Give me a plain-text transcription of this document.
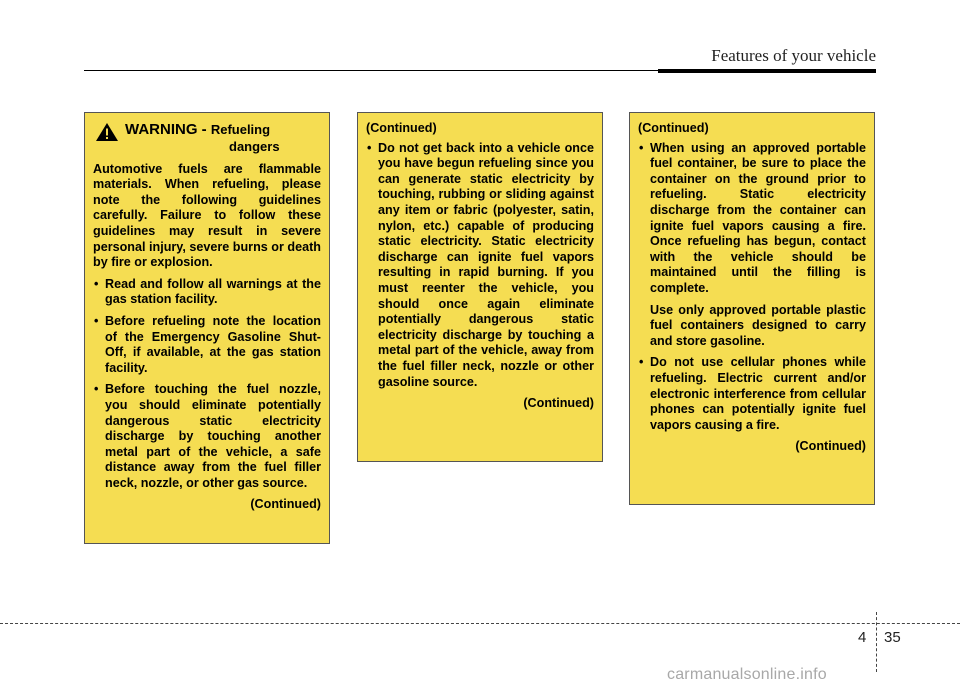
Features of your vehicle
WARNING - Refueling
dangers

Automotive fuels are flammable materials. When refueling, please note the following guidelines carefully. Failure to follow these guidelines may result in severe personal injury, severe burns or death by fire or explosion.

• Read and follow all warnings at the gas station facility.
• Before refueling note the location of the Emergency Gasoline Shut-Off, if available, at the gas station facility.
• Before touching the fuel nozzle, you should eliminate potentially dangerous static electricity discharge by touching another metal part of the vehicle, a safe distance away from the fuel filler neck, nozzle, or other gas source.
(Continued)
(Continued)
• Do not get back into a vehicle once you have begun refueling since you can generate static electricity by touching, rubbing or sliding against any item or fabric (polyester, satin, nylon, etc.) capable of producing static electricity. Static electricity discharge can ignite fuel vapors resulting in rapid burning. If you must reenter the vehicle, you should once again eliminate potentially dangerous static electricity discharge by touching a metal part of the vehicle, away from the fuel filler neck, nozzle or other gasoline source.
(Continued)
(Continued)
• When using an approved portable fuel container, be sure to place the container on the ground prior to refueling. Static electricity discharge from the container can ignite fuel vapors causing a fire. Once refueling has begun, contact with the vehicle should be maintained until the filling is complete.
Use only approved portable plastic fuel containers designed to carry and store gasoline.
• Do not use cellular phones while refueling. Electric current and/or electronic interference from cellular phones can potentially ignite fuel vapors causing a fire.
(Continued)
4 35
carmanualsonline.info
